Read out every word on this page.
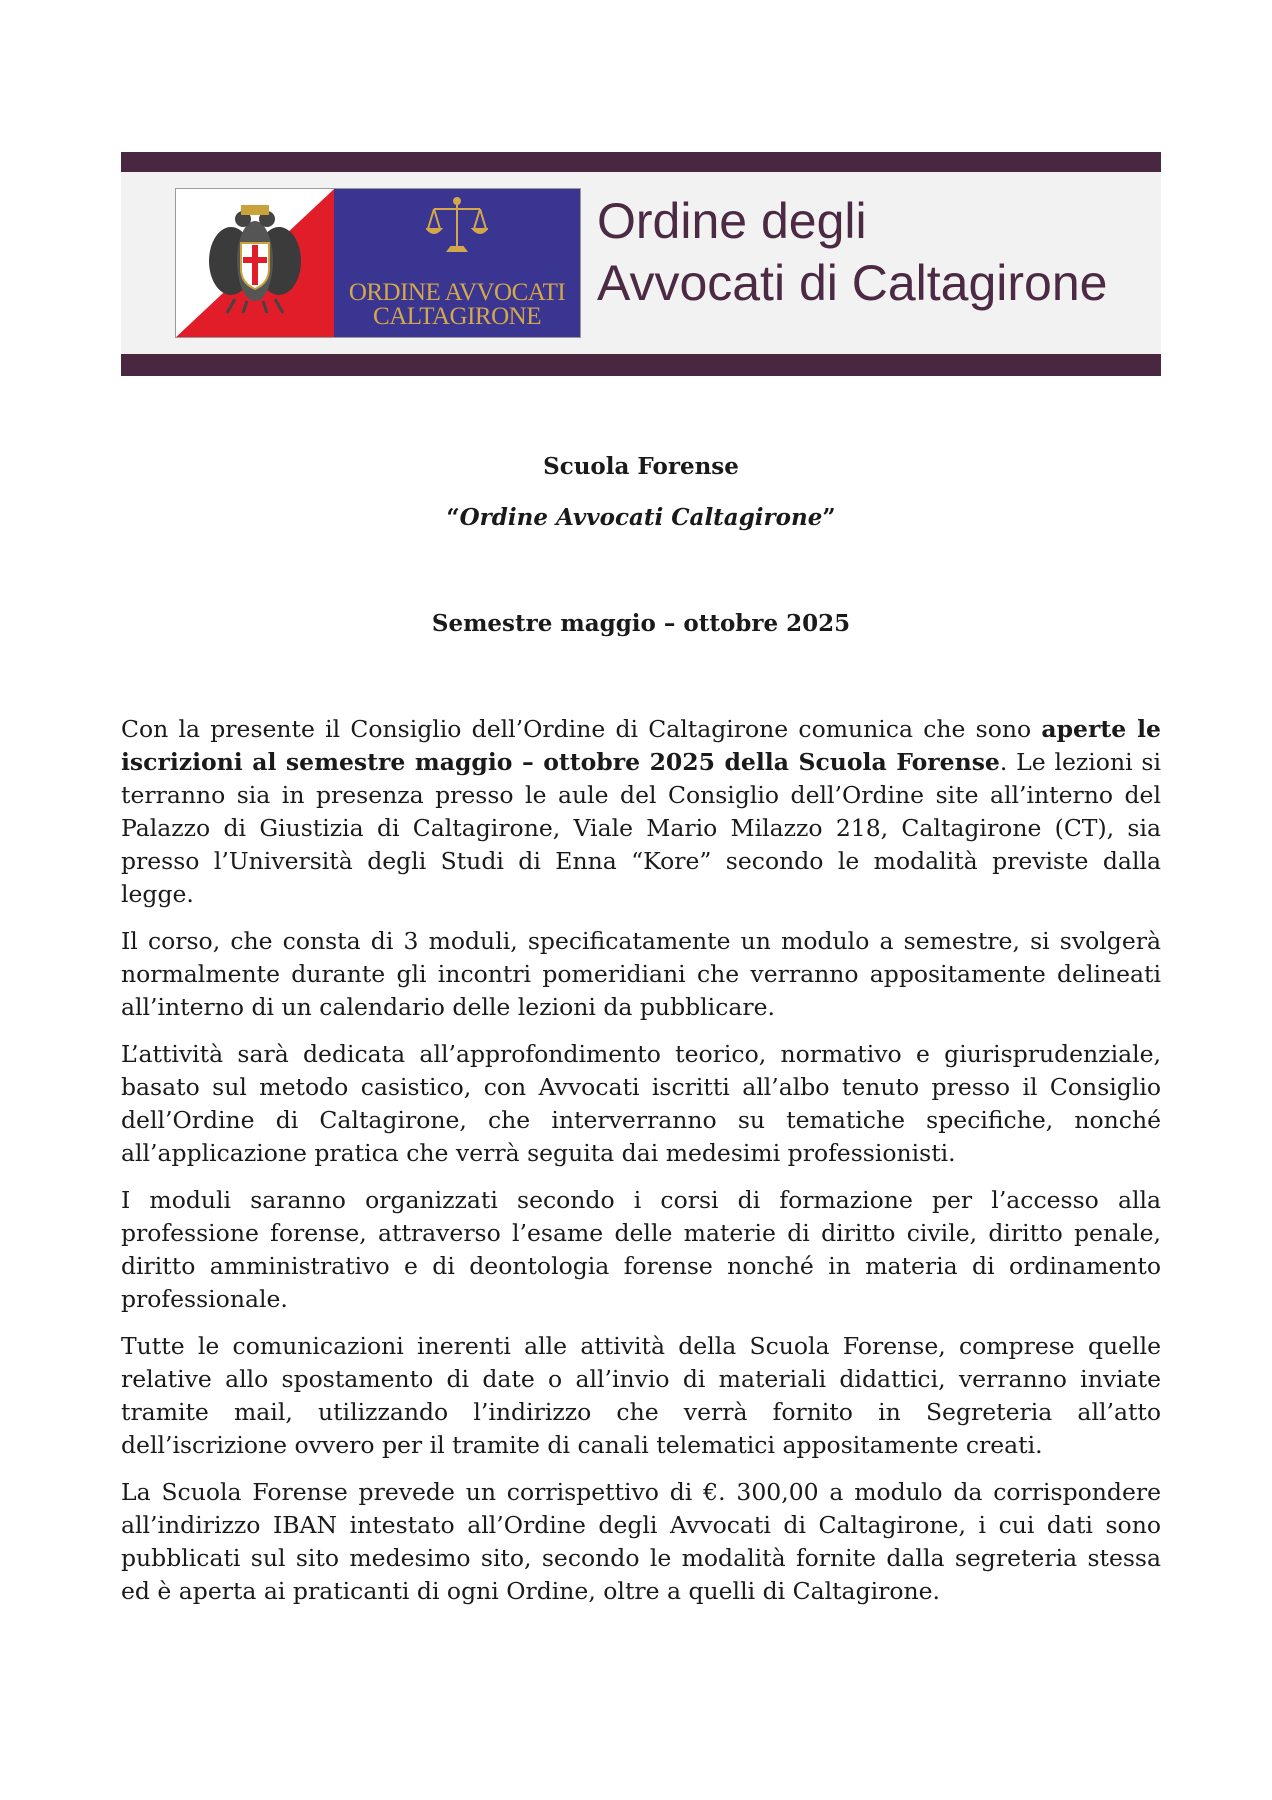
ORDINE AVVOCATI
CALTAGIRONE
Ordine degli
Avvocati di Caltagirone
Scuola Forense
“Ordine Avvocati Caltagirone”
Semestre maggio – ottobre 2025

Con la presente il Consiglio dell’Ordine di Caltagirone comunica che sono aperte le iscrizioni al semestre maggio – ottobre 2025 della Scuola Forense. Le lezioni si terranno sia in presenza presso le aule del Consiglio dell’Ordine site all’interno del Palazzo di Giustizia di Caltagirone, Viale Mario Milazzo 218, Caltagirone (CT), sia presso l’Università degli Studi di Enna “Kore” secondo le modalità previste dalla legge.

Il corso, che consta di 3 moduli, specificatamente un modulo a semestre, si svolgerà normalmente durante gli incontri pomeridiani che verranno appositamente delineati all’interno di un calendario delle lezioni da pubblicare.

L’attività sarà dedicata all’approfondimento teorico, normativo e giurisprudenziale, basato sul metodo casistico, con Avvocati iscritti all’albo tenuto presso il Consiglio dell’Ordine di Caltagirone, che interverranno su tematiche specifiche, nonché all’applicazione pratica che verrà seguita dai medesimi professionisti.

I moduli saranno organizzati secondo i corsi di formazione per l’accesso alla professione forense, attraverso l’esame delle materie di diritto civile, diritto penale, diritto amministrativo e di deontologia forense nonché in materia di ordinamento professionale.

Tutte le comunicazioni inerenti alle attività della Scuola Forense, comprese quelle relative allo spostamento di date o all’invio di materiali didattici, verranno inviate tramite mail, utilizzando l’indirizzo che verrà fornito in Segreteria all’atto dell’iscrizione ovvero per il tramite di canali telematici appositamente creati.

La Scuola Forense prevede un corrispettivo di €. 300,00 a modulo da corrispondere all’indirizzo IBAN intestato all’Ordine degli Avvocati di Caltagirone, i cui dati sono pubblicati sul sito medesimo sito, secondo le modalità fornite dalla segreteria stessa ed è aperta ai praticanti di ogni Ordine, oltre a quelli di Caltagirone.
